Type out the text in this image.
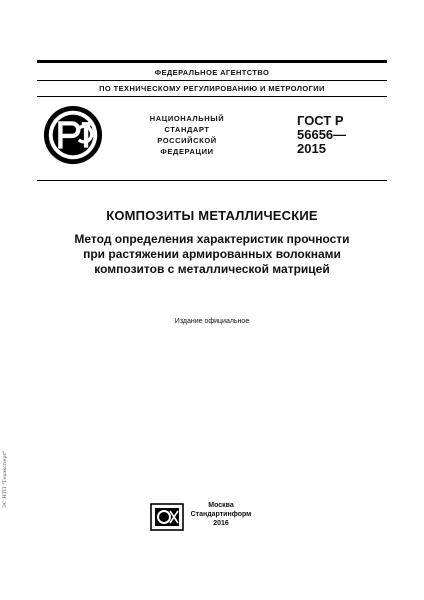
ФЕДЕРАЛЬНОЕ АГЕНТСТВО
ПО ТЕХНИЧЕСКОМУ РЕГУЛИРОВАНИЮ И МЕТРОЛОГИИ
НАЦИОНАЛЬНЫЙ
СТАНДАРТ
РОССИЙСКОЙ
ФЕДЕРАЦИИ
ГОСТ Р
56656—
2015
КОМПОЗИТЫ МЕТАЛЛИЧЕСКИЕ
Метод определения характеристик прочности
при растяжении армированных волокнами
композитов с металлической матрицей
Издание официальное
Москва
Стандартинформ
2016
ЭС НТП "Техэксперт"
